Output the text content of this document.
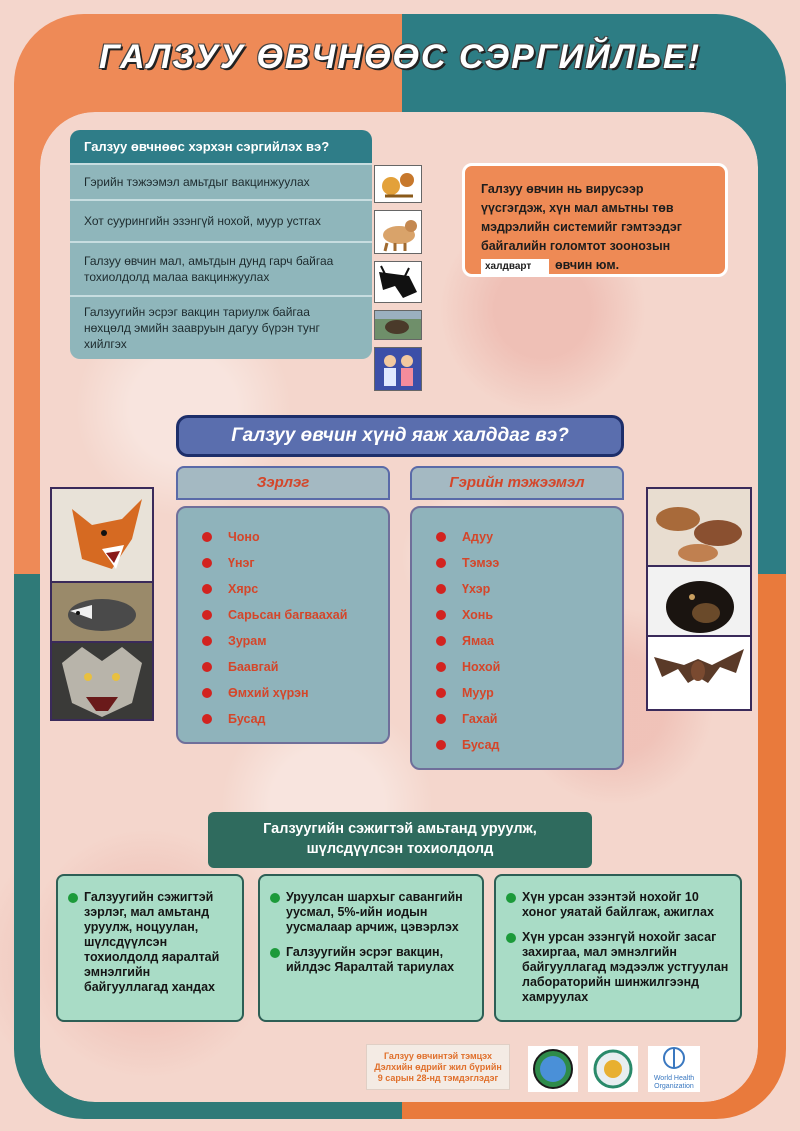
ГАЛЗУУ ӨВЧНӨӨС СЭРГИЙЛЬЕ!
Галзуу өвчнөөс хэрхэн сэргийлэх вэ?
Гэрийн тэжээмэл амьтдыг вакцинжуулах
Хот суурингийн эзэнгүй нохой, муур устгах
Галзуу өвчин мал, амьтдын дунд гарч байгаа тохиолдолд малаа вакцинжуулах
Галзуугийн эсрэг вакцин тариулж байгаа нөхцөлд эмийн заавруын дагуу бүрэн тунг хийлгэх

Галзуу өвчин нь вирусээр үүсгэгдэж, хүн мал амьтны төв мэдрэлийн системийг гэмтээдэг байгалийн голомтот зоонозын
халдварт өвчин юм.
Галзуу өвчин хүнд яаж халддаг вэ?
Зэрлэг	Гэрийн тэжээмэл
Чоно
Үнэг
Хярс
Сарьсан багваахай
Зурам
Баавгай
Өмхий хүрэн
Бусад
Адуу
Тэмээ
Үхэр
Хонь
Ямаа
Нохой
Муур
Гахай
Бусад
Галзуугийн сэжигтэй амьтанд уруулж,
шүлсдүүлсэн тохиолдолд
Галзуугийн сэжигтэй зэрлэг, мал амьтанд уруулж, ноцуулан, шүлсдүүлсэн тохиолдолд яаралтай эмнэлгийн байгууллагад хандах
Уруулсан шархыг савангийн уусмал, 5%-ийн иодын уусмалаар арчиж, цэвэрлэх
Галзуугийн эсрэг вакцин, ийлдэс Яаралтай тариулах
Хүн урсан эзэнтэй нохойг 10 хоног уяатай байлгаж, ажиглах
Хүн урсан эзэнгүй нохойг засаг захиргаа, мал эмнэлгийн байгууллагад мэдээлж устгуулан лабораторийн шинжилгээнд хамруулах
Галзуу өвчинтэй тэмцэх
Дэлхийн өдрийг жил бүрийн
9 сарын 28-нд тэмдэглэдэг	World Health
Organization
